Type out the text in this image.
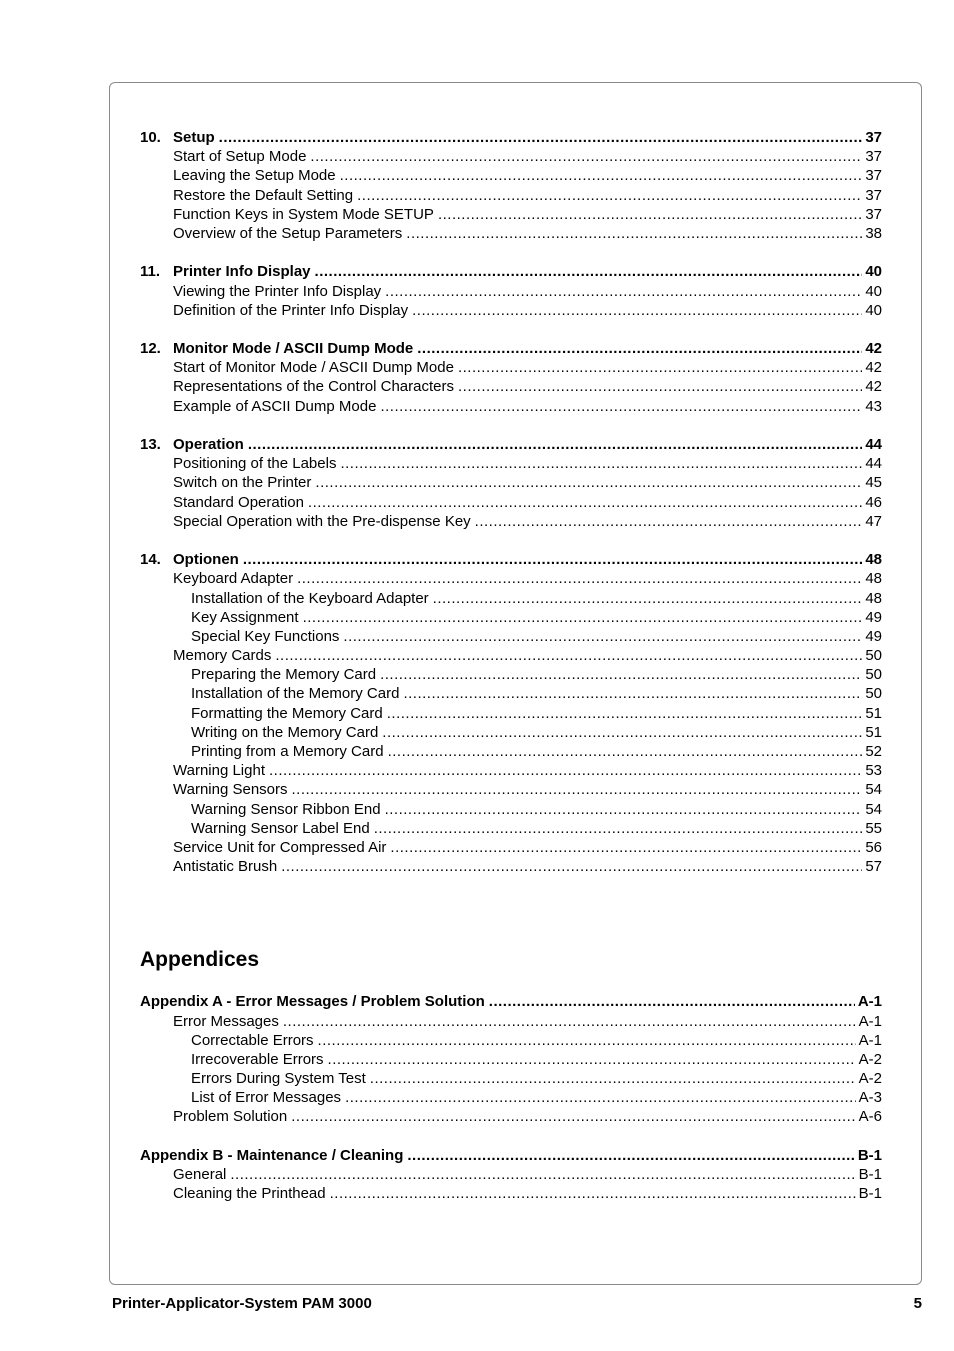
10. Setup .....	37
Start of Setup Mode .....	37
Leaving the Setup Mode .....	37
Restore the Default Setting .....	37
Function Keys in System Mode SETUP .....	37
Overview of the Setup Parameters .....	38
11. Printer Info Display .....	40
Viewing the Printer Info Display .....	40
Definition of the Printer Info Display .....	40
12. Monitor Mode / ASCII Dump Mode .....	42
Start of Monitor Mode / ASCII Dump Mode .....	42
Representations of the Control Characters .....	42
Example of ASCII Dump Mode .....	43
13. Operation .....	44
Positioning of the Labels .....	44
Switch on the Printer .....	45
Standard Operation .....	46
Special Operation with the Pre-dispense Key .....	47
14. Optionen .....	48
Keyboard Adapter .....	48
Installation of the Keyboard Adapter .....	48
Key Assignment .....	49
Special Key Functions .....	49
Memory Cards .....	50
Preparing the Memory Card .....	50
Installation of the Memory Card .....	50
Formatting the Memory Card .....	51
Writing on the Memory Card .....	51
Printing from a Memory Card .....	52
Warning Light .....	53
Warning Sensors .....	54
Warning Sensor Ribbon End .....	54
Warning Sensor Label End .....	55
Service Unit for Compressed Air .....	56
Antistatic Brush .....	57
Appendices
Appendix A - Error Messages / Problem Solution .....	A-1
Error Messages .....	A-1
Correctable Errors .....	A-1
Irrecoverable Errors .....	A-2
Errors During System Test .....	A-2
List of Error Messages .....	A-3
Problem Solution .....	A-6
Appendix B - Maintenance / Cleaning .....	B-1
General .....	B-1
Cleaning the Printhead .....	B-1
Printer-Applicator-System PAM 3000	5
